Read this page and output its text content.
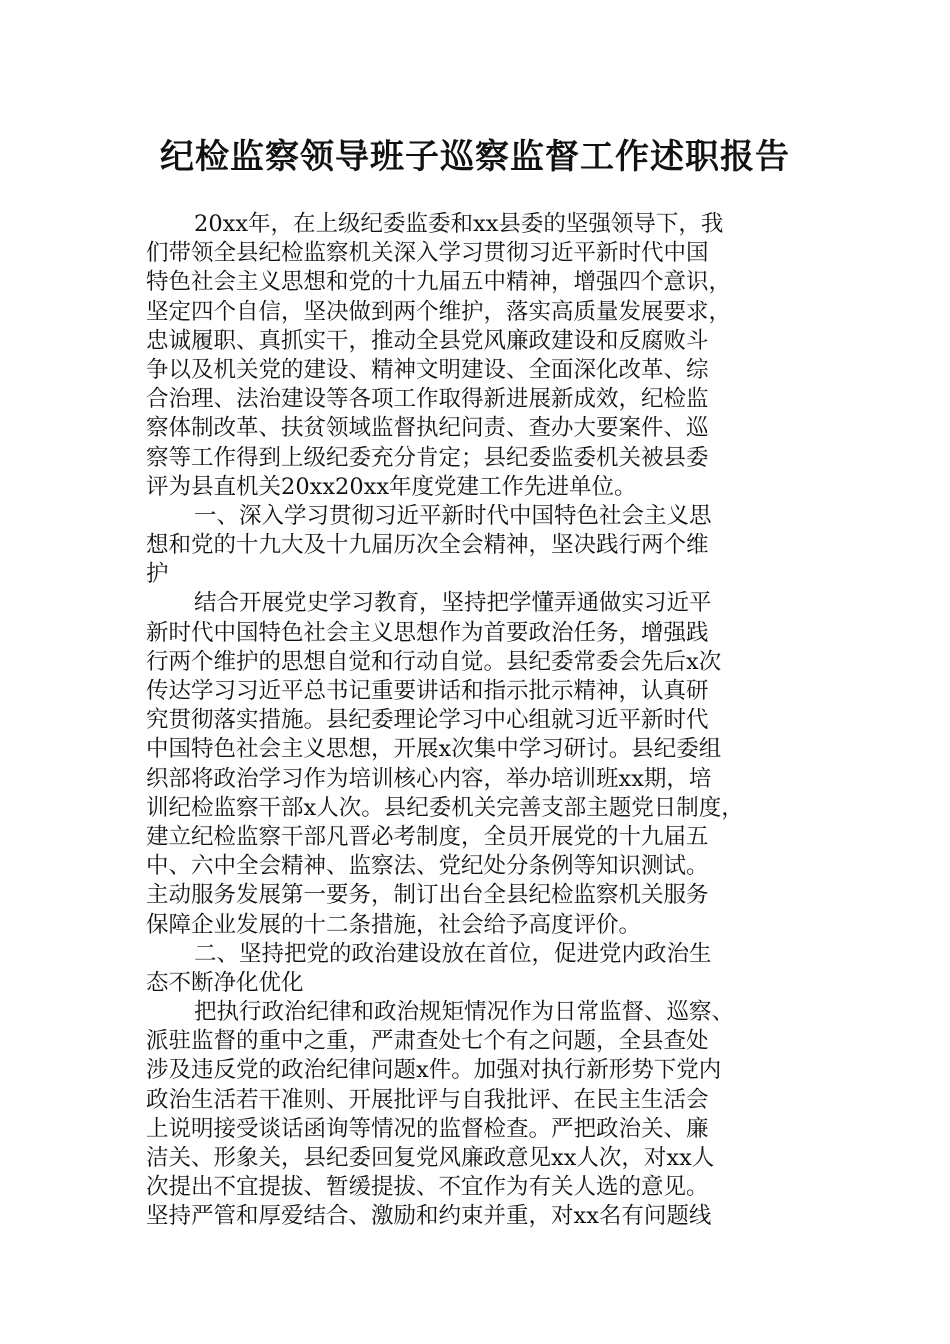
纪检监察领导班子巡察监督工作述职报告
20xx年，在上级纪委监委和xx县委的坚强领导下，我
们带领全县纪检监察机关深入学习贯彻习近平新时代中国
特色社会主义思想和党的十九届五中精神，增强四个意识，
坚定四个自信，坚决做到两个维护，落实高质量发展要求，
忠诚履职、真抓实干，推动全县党风廉政建设和反腐败斗
争以及机关党的建设、精神文明建设、全面深化改革、综
合治理、法治建设等各项工作取得新进展新成效，纪检监
察体制改革、扶贫领域监督执纪问责、查办大要案件、巡
察等工作得到上级纪委充分肯定；县纪委监委机关被县委
评为县直机关20xx20xx年度党建工作先进单位。
一、深入学习贯彻习近平新时代中国特色社会主义思
想和党的十九大及十九届历次全会精神，坚决践行两个维
护
结合开展党史学习教育，坚持把学懂弄通做实习近平
新时代中国特色社会主义思想作为首要政治任务，增强践
行两个维护的思想自觉和行动自觉。县纪委常委会先后x次
传达学习习近平总书记重要讲话和指示批示精神，认真研
究贯彻落实措施。县纪委理论学习中心组就习近平新时代
中国特色社会主义思想，开展x次集中学习研讨。县纪委组
织部将政治学习作为培训核心内容，举办培训班xx期，培
训纪检监察干部x人次。县纪委机关完善支部主题党日制度，
建立纪检监察干部凡晋必考制度，全员开展党的十九届五
中、六中全会精神、监察法、党纪处分条例等知识测试。
主动服务发展第一要务，制订出台全县纪检监察机关服务
保障企业发展的十二条措施，社会给予高度评价。
二、坚持把党的政治建设放在首位，促进党内政治生
态不断净化优化
把执行政治纪律和政治规矩情况作为日常监督、巡察、
派驻监督的重中之重，严肃查处七个有之问题，全县查处
涉及违反党的政治纪律问题x件。加强对执行新形势下党内
政治生活若干准则、开展批评与自我批评、在民主生活会
上说明接受谈话函询等情况的监督检查。严把政治关、廉
洁关、形象关，县纪委回复党风廉政意见xx人次，对xx人
次提出不宜提拔、暂缓提拔、不宜作为有关人选的意见。
坚持严管和厚爱结合、激励和约束并重，对xx名有问题线
